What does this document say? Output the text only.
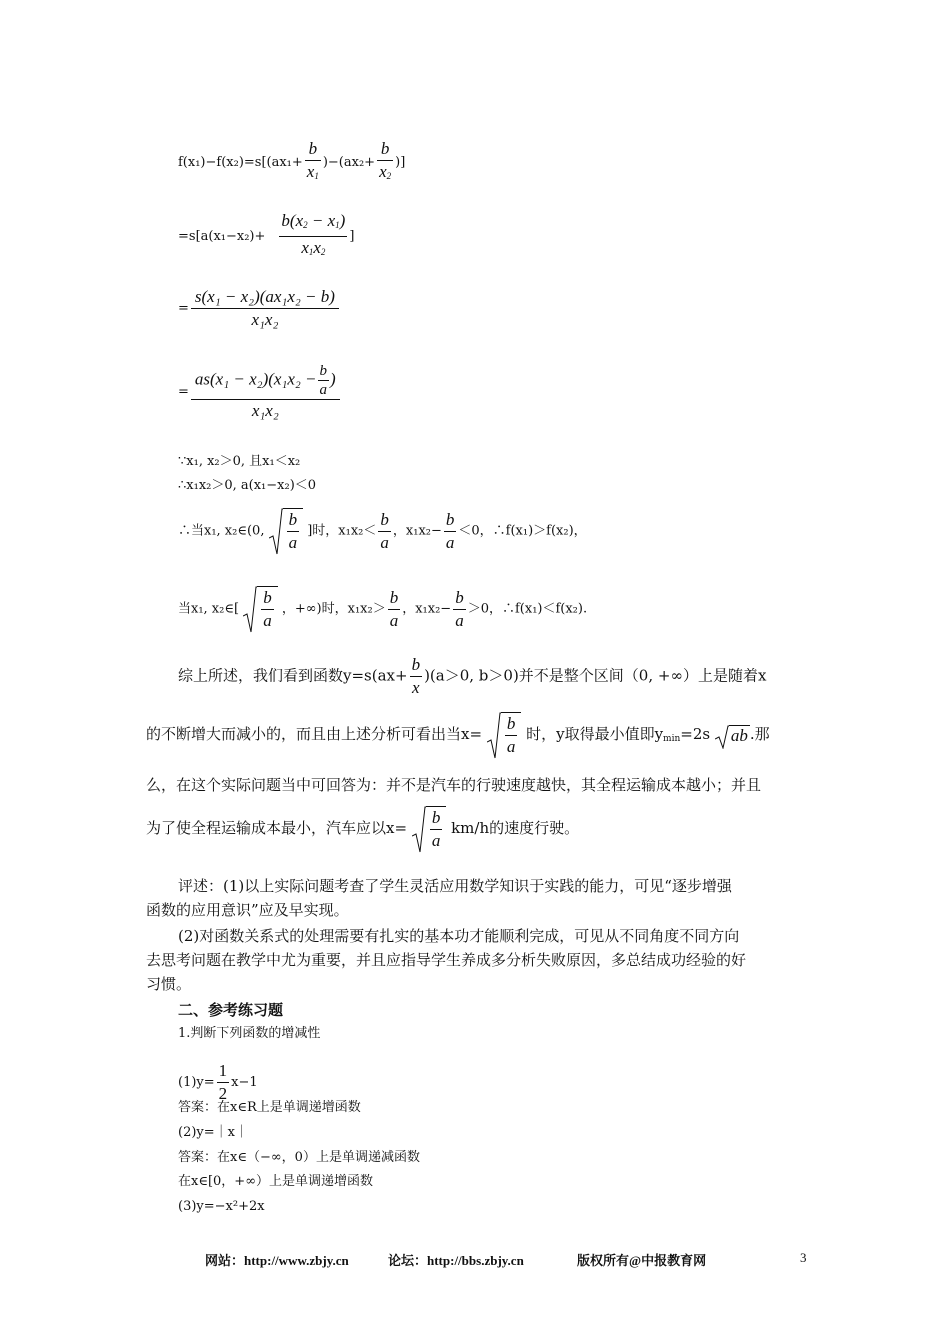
$f(x_1)-f(x_2)=s[(ax_1+ \frac{b}{x_1} )-(ax_2+ \frac{b}{x_2}$ )]
$=s[a(x_1-x_2)+ \frac{b(x_2 - x_1)}{x_1x_2}$ ]
= $\frac{\text{s(x₁ − x₂)(ax₁x₂ − b)}}{\text{x₁x₂}}$
= $\frac{as(x_1 - x_2)(x_1x_2 - \frac{b}{a} )}{\text{x₁x₂}}$
∵x₁, x₂＞0, 且x₁＜x₂
∴x₁x₂＞0, a(x₁−x₂)＜0
∴当x₁, x₂∈(0, $\frac{b}{a}$ ]时，$x_1x_2< \frac{b}{a}$ ，$x_1x_2- \frac{b}{a} <0$，∴f(x₁)＞f(x₂)，
当x₁, x₂∈[ $\frac{b}{a}$ ，+∞)时，$x_1x_2> \frac{b}{a}$ ，$x_1x_2- \frac{b}{a} >0$，∴f(x₁)＜f(x₂).
综上所述，我们看到函数$y=s(ax+ \frac{b}{x} )(a>0$, b＞0)并不是整个区间（0, +∞）上是随着x
的不断增大而减小的，而且由上述分析可看出当$x= \frac{b}{a}$ 时，y取得最小值即$y_{min}=2s$ ab .那
么，在这个实际问题当中可回答为：并不是汽车的行驶速度越快，其全程运输成本越小；并且
为了使全程运输成本最小，汽车应以$x= \frac{b}{a} km/h$的速度行驶。
评述：(1)以上实际问题考查了学生灵活应用数学知识于实践的能力，可见“逐步增强
函数的应用意识”应及早实现。
(2)对函数关系式的处理需要有扎实的基本功才能顺利完成，可见从不同角度不同方向
去思考问题在教学中尤为重要，并且应指导学生养成多分析失败原因，多总结成功经验的好
习惯。
二、参考练习题
1.判断下列函数的增减性
$(1)y= \frac{1}{2} x-1$
答案：在x∈R上是单调递增函数
(2)y=｜x｜
答案：在x∈（−∞，0）上是单调递减函数
在x∈[0，+∞）上是单调递增函数
(3)y=−x²+2x
网站：http://www.zbjy.cn	论坛：http://bbs.zbjy.cn	版权所有@中报教育网	3
